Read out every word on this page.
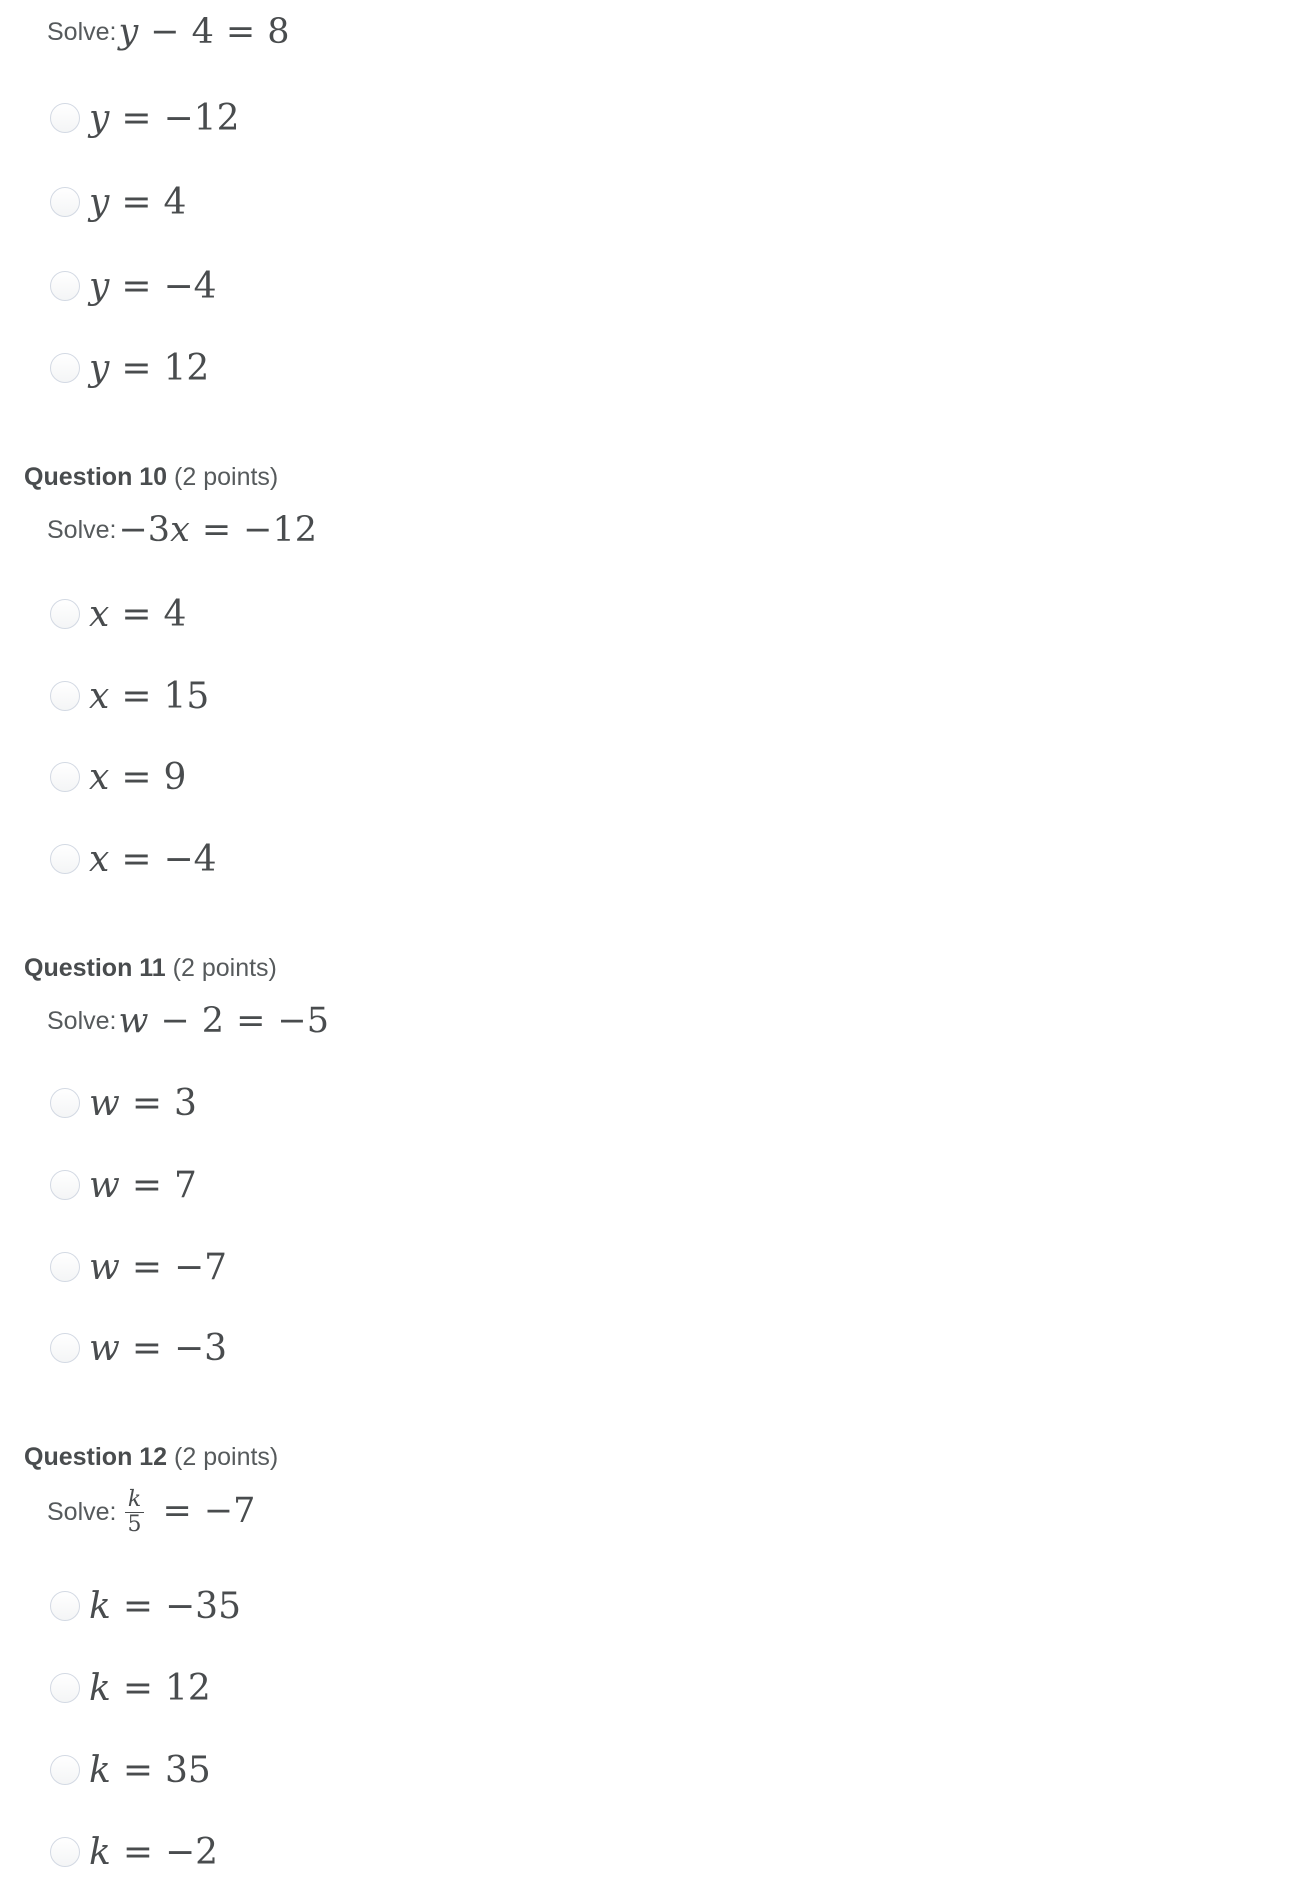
Solve: y − 4 = 8
y = −12
y = 4
y = −4
y = 12
Question 10 (2 points)
Solve: −3x = −12
x = 4
x = 15
x = 9
x = −4
Question 11 (2 points)
Solve: w − 2 = −5
w = 3
w = 7
w = −7
w = −3
Question 12 (2 points)
Solve: $\frac{k}{5} = -7$
k = −35
k = 12
k = 35
k = −2
